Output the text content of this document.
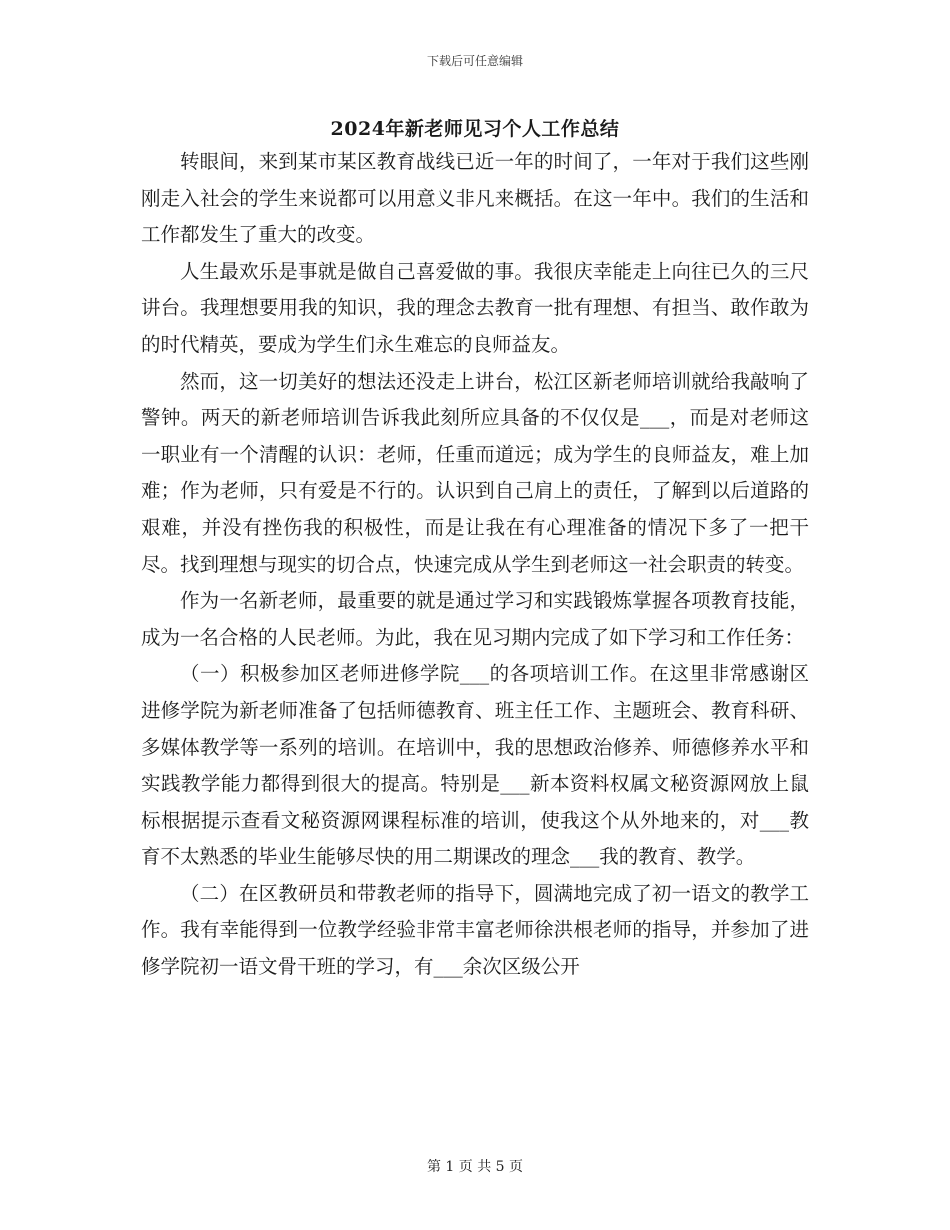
下载后可任意编辑
2024年新老师见习个人工作总结

转眼间，来到某市某区教育战线已近一年的时间了，一年对于我们这些刚刚走入社会的学生来说都可以用意义非凡来概括。在这一年中。我们的生活和工作都发生了重大的改变。

人生最欢乐是事就是做自己喜爱做的事。我很庆幸能走上向往已久的三尺讲台。我理想要用我的知识，我的理念去教育一批有理想、有担当、敢作敢为的时代精英，要成为学生们永生难忘的良师益友。

然而，这一切美好的想法还没走上讲台，松江区新老师培训就给我敲响了警钟。两天的新老师培训告诉我此刻所应具备的不仅仅是___，而是对老师这一职业有一个清醒的认识：老师，任重而道远；成为学生的良师益友，难上加难；作为老师，只有爱是不行的。认识到自己肩上的责任，了解到以后道路的艰难，并没有挫伤我的积极性，而是让我在有心理准备的情况下多了一把干尽。找到理想与现实的切合点，快速完成从学生到老师这一社会职责的转变。

作为一名新老师，最重要的就是通过学习和实践锻炼掌握各项教育技能，成为一名合格的人民老师。为此，我在见习期内完成了如下学习和工作任务：

（一）积极参加区老师进修学院___的各项培训工作。在这里非常感谢区进修学院为新老师准备了包括师德教育、班主任工作、主题班会、教育科研、多媒体教学等一系列的培训。在培训中，我的思想政治修养、师德修养水平和实践教学能力都得到很大的提高。特别是___新本资料权属文秘资源网放上鼠标根据提示查看文秘资源网课程标准的培训，使我这个从外地来的，对___教育不太熟悉的毕业生能够尽快的用二期课改的理念___我的教育、教学。

（二）在区教研员和带教老师的指导下，圆满地完成了初一语文的教学工作。我有幸能得到一位教学经验非常丰富老师徐洪根老师的指导，并参加了进修学院初一语文骨干班的学习，有___余次区级公开

第 1 页 共 5 页
